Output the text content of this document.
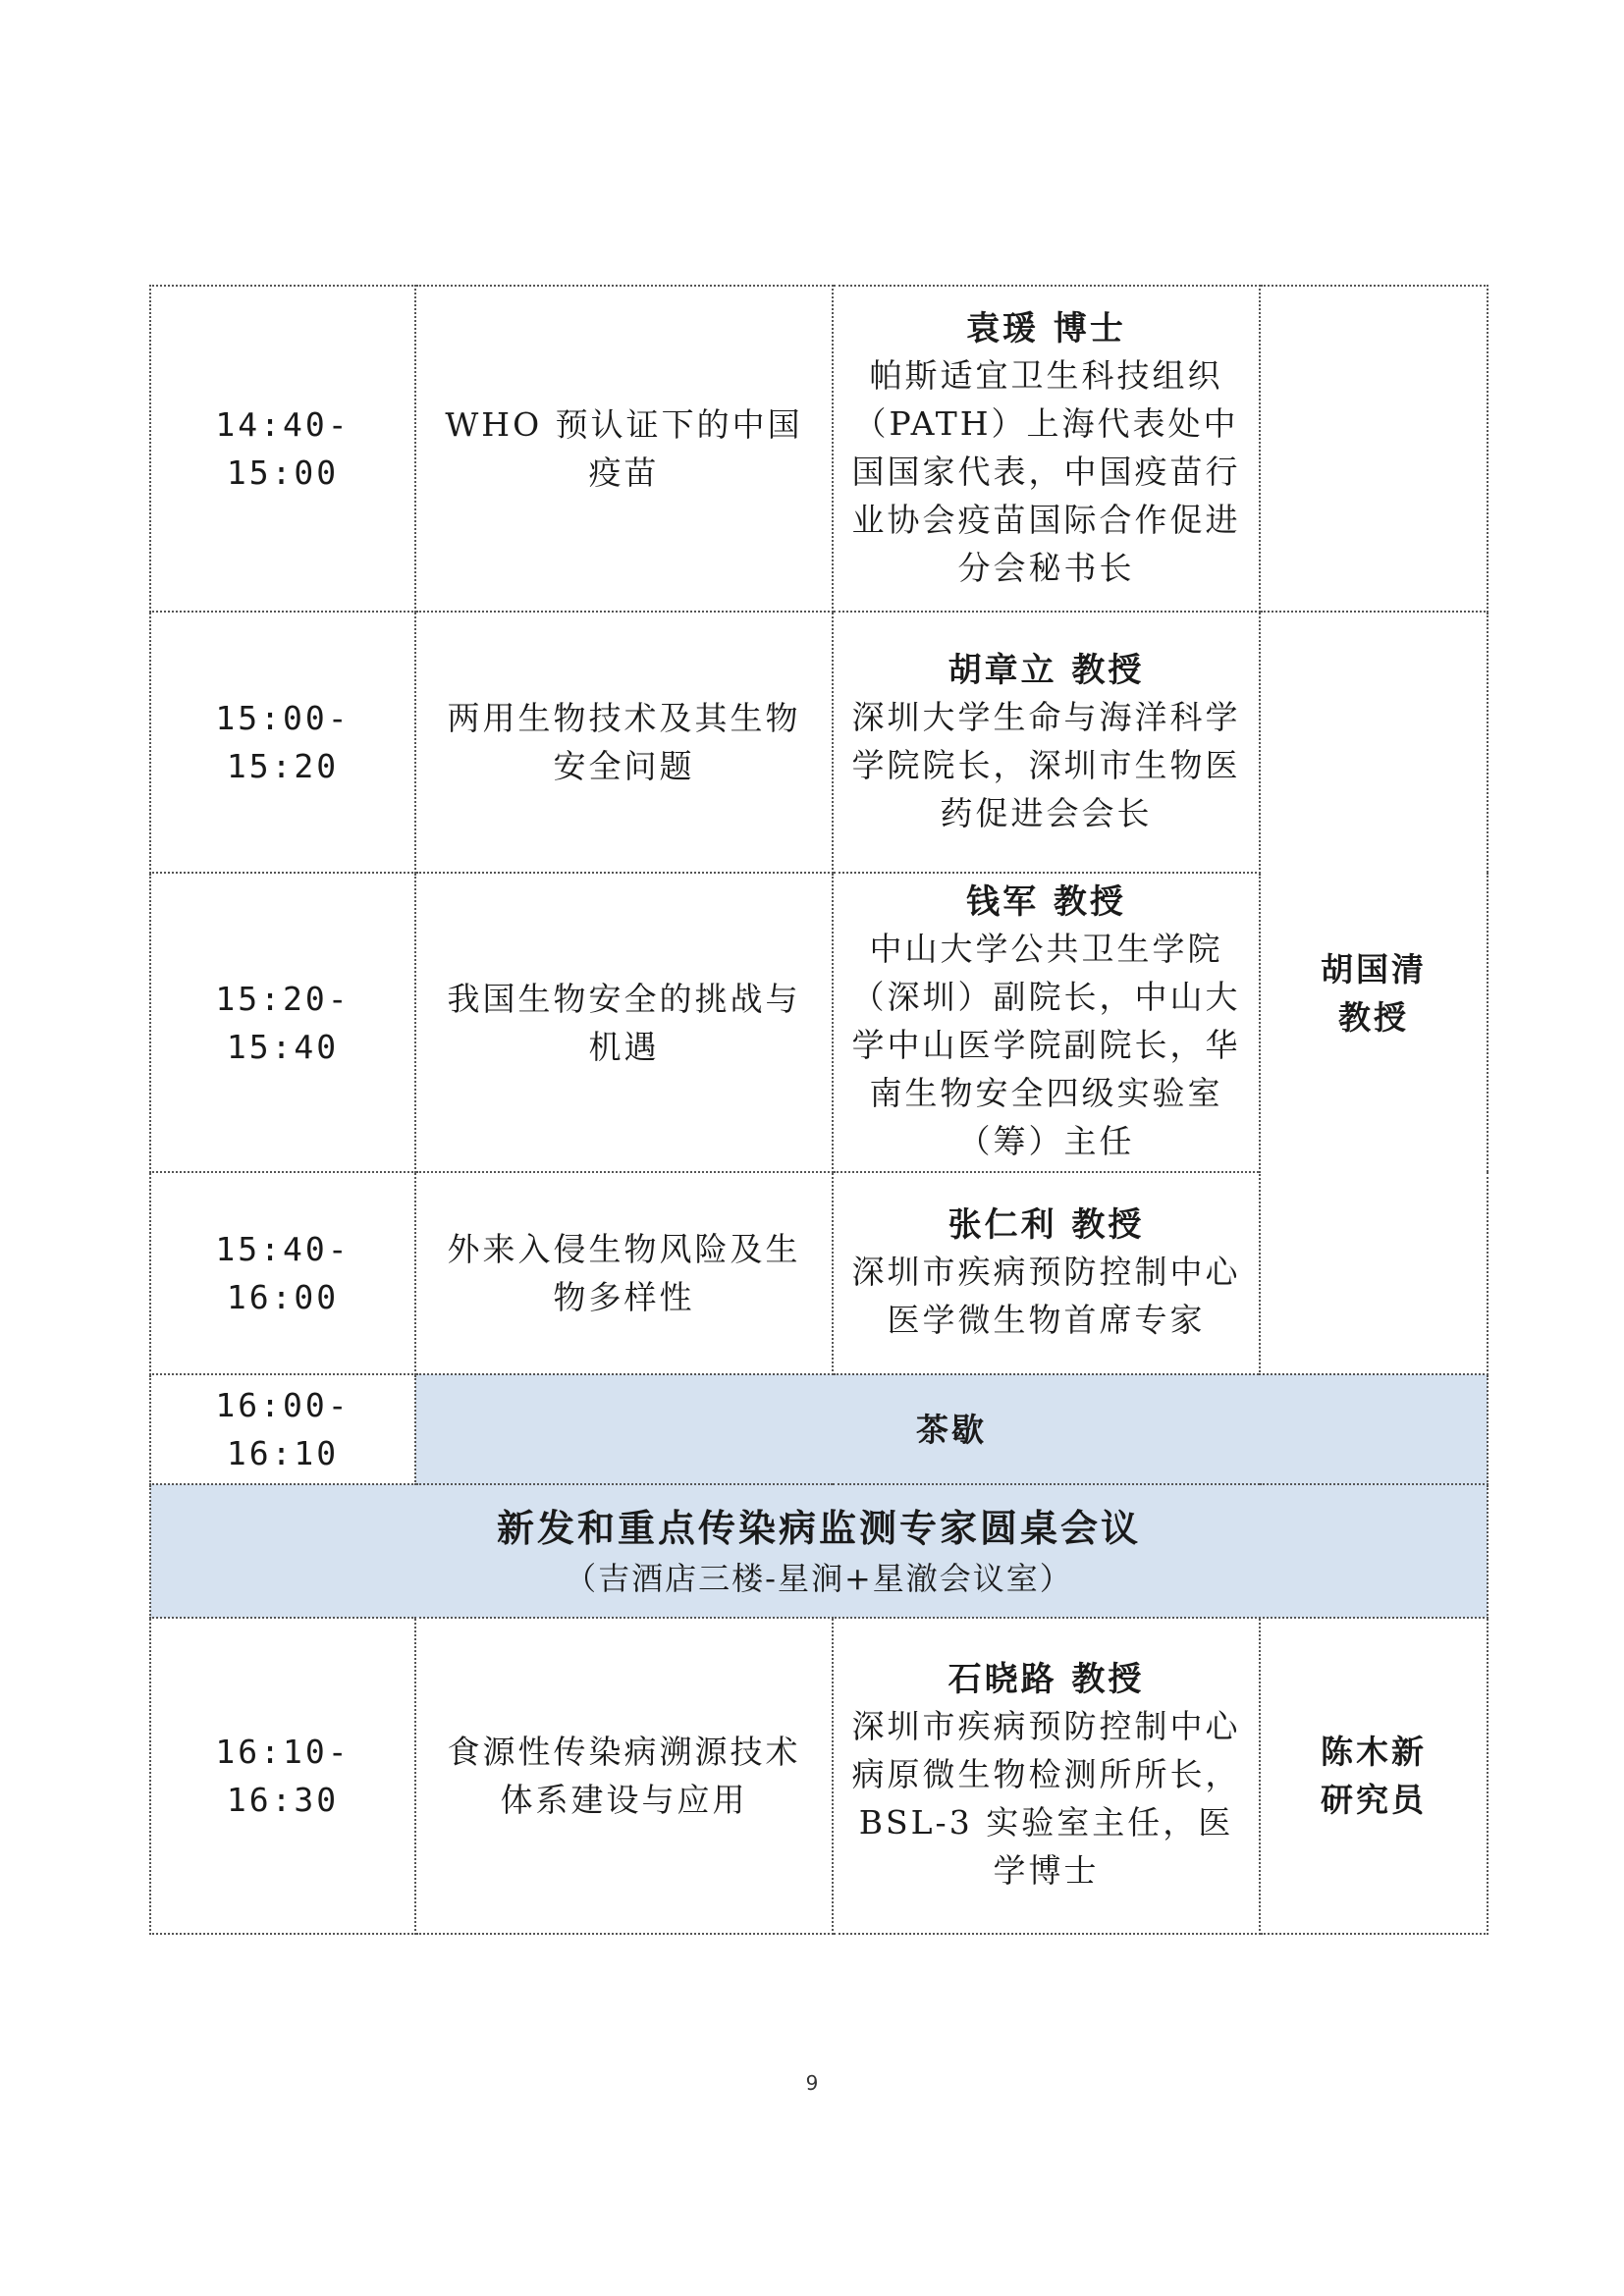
14:40-15:00	WHO 预认证下的中国疫苗	袁瑗 博士
帕斯适宜卫生科技组织（PATH）上海代表处中国国家代表，中国疫苗行业协会疫苗国际合作促进分会秘书长	

15:00-15:20	两用生物技术及其生物安全问题	胡章立 教授
深圳大学生命与海洋科学学院院长，深圳市生物医药促进会会长	胡国清
教授
15:20-15:40	我国生物安全的挑战与机遇	钱军 教授
中山大学公共卫生学院（深圳）副院长，中山大学中山医学院副院长，华南生物安全四级实验室（筹）主任	

15:40-16:00	外来入侵生物风险及生物多样性	张仁利 教授
深圳市疾病预防控制中心医学微生物首席专家	

16:00-16:10	茶歇		

新发和重点传染病监测专家圆桌会议
（吉酒店三楼-星涧+星澈会议室）			

16:10-16:30	食源性传染病溯源技术体系建设与应用	石晓路 教授
深圳市疾病预防控制中心病原微生物检测所所长，BSL-3 实验室主任，医学博士	陈木新
研究员
9
